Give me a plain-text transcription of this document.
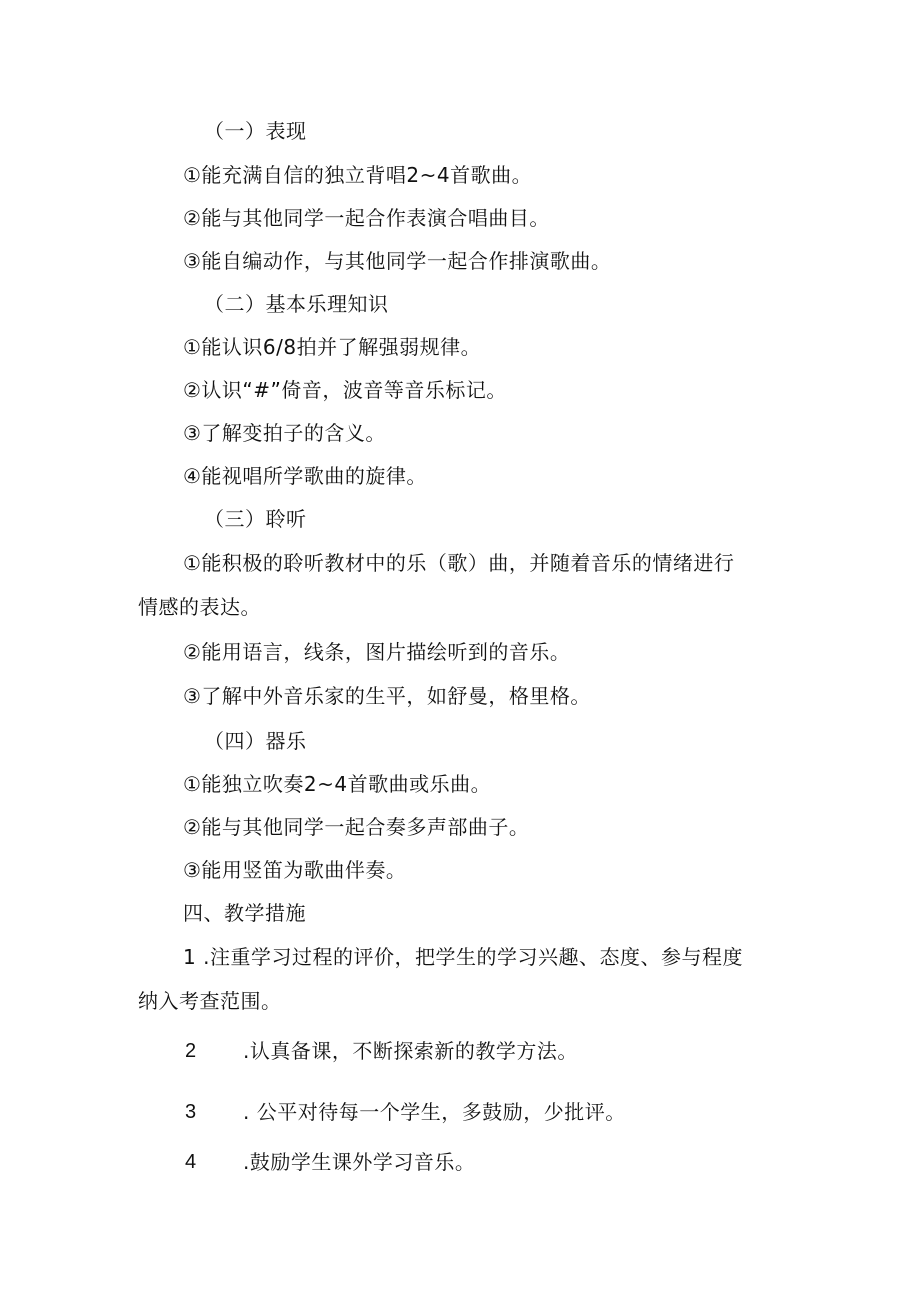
（一）表现
①能充满自信的独立背唱2~4首歌曲。
②能与其他同学一起合作表演合唱曲目。
③能自编动作，与其他同学一起合作排演歌曲。
（二）基本乐理知识
①能认识6/8拍并了解强弱规律。
②认识“#”倚音，波音等音乐标记。
③了解变拍子的含义。
④能视唱所学歌曲的旋律。
（三）聆听
①能积极的聆听教材中的乐（歌）曲，并随着音乐的情绪进行
情感的表达。
②能用语言，线条，图片描绘听到的音乐。
③了解中外音乐家的生平，如舒曼，格里格。
（四）器乐
①能独立吹奏2~4首歌曲或乐曲。
②能与其他同学一起合奏多声部曲子。
③能用竖笛为歌曲伴奏。
四、教学措施
1 .注重学习过程的评价，把学生的学习兴趣、态度、参与程度
纳入考查范围。
2 .认真备课，不断探索新的教学方法。
3 . 公平对待每一个学生，多鼓励，少批评。
4 .鼓励学生课外学习音乐。
